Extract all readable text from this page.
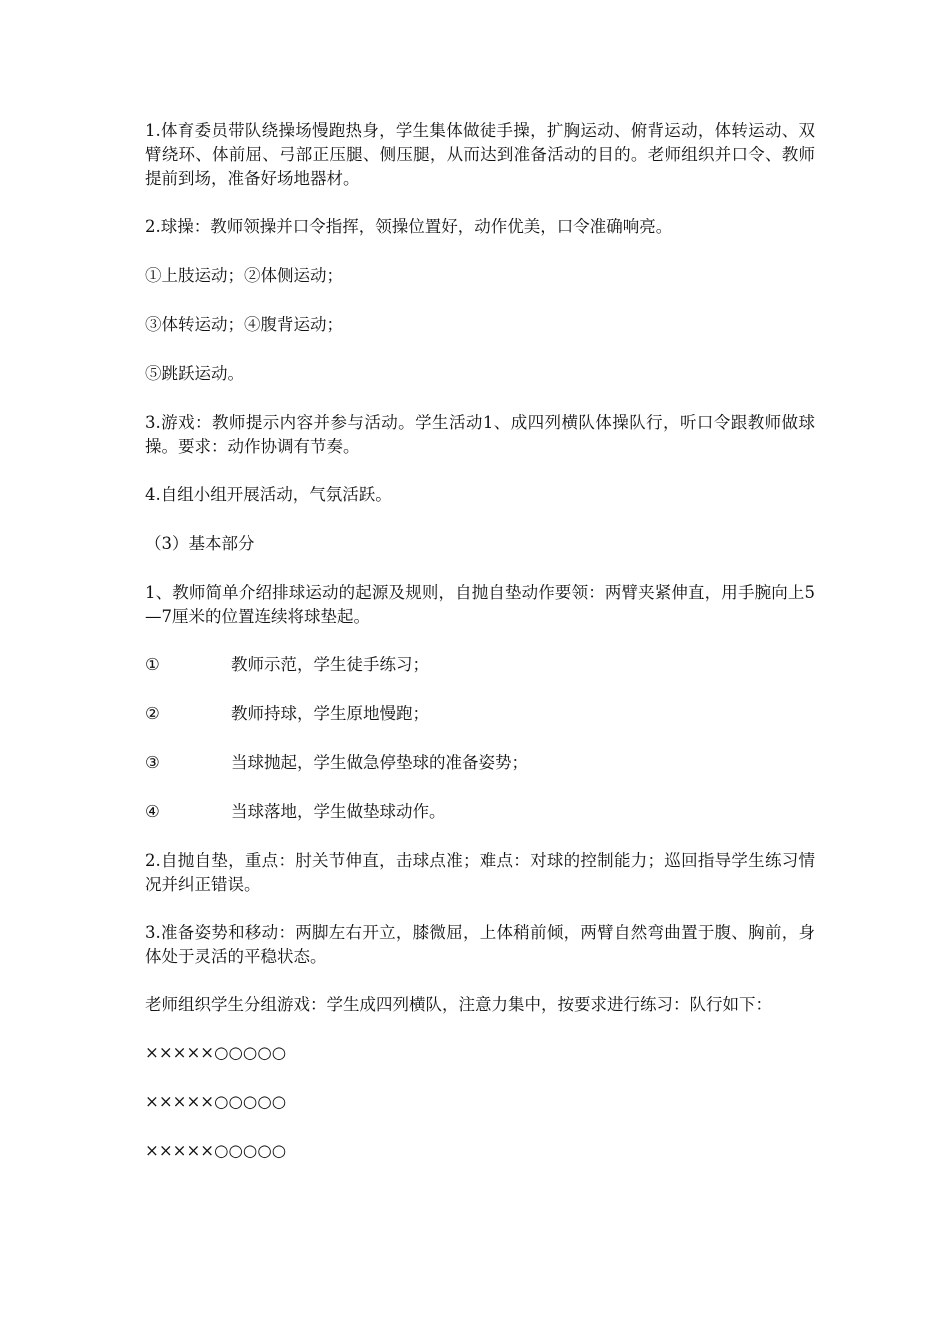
1.体育委员带队绕操场慢跑热身，学生集体做徒手操，扩胸运动、俯背运动，体转运动、双臂绕环、体前屈、弓部正压腿、侧压腿，从而达到准备活动的目的。老师组织并口令、教师提前到场，准备好场地器材。

2.球操：教师领操并口令指挥，领操位置好，动作优美，口令准确响亮。

①上肢运动；②体侧运动；

③体转运动；④腹背运动；

⑤跳跃运动。

3.游戏：教师提示内容并参与活动。学生活动1、成四列横队体操队行，听口令跟教师做球操。要求：动作协调有节奏。

4.自组小组开展活动，气氛活跃。

（3）基本部分

1、教师简单介绍排球运动的起源及规则，自抛自垫动作要领：两臂夹紧伸直，用手腕向上5—7厘米的位置连续将球垫起。

①	教师示范，学生徒手练习；
②	教师持球，学生原地慢跑；
③	当球抛起，学生做急停垫球的准备姿势；
④	当球落地，学生做垫球动作。

2.自抛自垫，重点：肘关节伸直，击球点准；难点：对球的控制能力；巡回指导学生练习情况并纠正错误。

3.准备姿势和移动：两脚左右开立，膝微屈，上体稍前倾，两臂自然弯曲置于腹、胸前，身体处于灵活的平稳状态。

老师组织学生分组游戏：学生成四列横队，注意力集中，按要求进行练习：队行如下：

×××××○○○○○
×××××○○○○○
×××××○○○○○
